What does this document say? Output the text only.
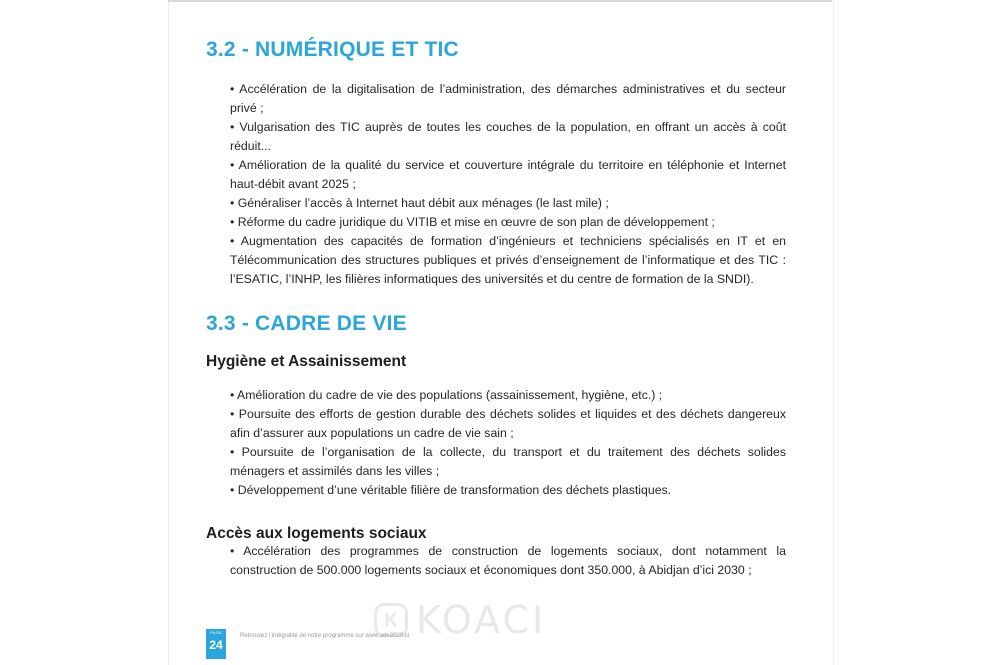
3.2 - NUMÉRIQUE ET TIC
• Accélération de la digitalisation de l’administration, des démarches administratives et du secteur privé ;
• Vulgarisation des TIC auprès de toutes les couches de la population, en offrant un accès à coût réduit...
• Amélioration de la qualité du service et couverture intégrale du territoire en téléphonie et Internet haut-débit avant 2025 ;
• Généraliser l’accès à Internet haut débit aux ménages (le last mile) ;
• Réforme du cadre juridique du VITIB et mise en œuvre de son plan de développement ;
• Augmentation des capacités de formation d’ingénieurs et techniciens spécialisés en IT et en Télécommunication des structures publiques et privés d’enseignement de l’informatique et des TIC : l’ESATIC, l’INHP, les filières informatiques des universités et du centre de formation de la SNDI).
3.3 - CADRE DE VIE
Hygiène et Assainissement
• Amélioration du cadre de vie des populations (assainissement, hygiène, etc.) ;
• Poursuite des efforts de gestion durable des déchets solides et liquides et des déchets dangereux afin d’assurer aux populations un cadre de vie sain ;
• Poursuite de l’organisation de la collecte, du transport et du traitement des déchets solides ménagers et assimilés dans les villes ;
• Développement d’une véritable filière de transformation des déchets plastiques.
Accès aux logements sociaux
• Accélération des programmes de construction de logements sociaux, dont notamment la construction de 500.000 logements sociaux et économiques dont 350.000, à Abidjan d’ici 2030 ;
K KOACI
PAGE
24
Retrouvez l’intégralité de notre programme sur www.ado2020.ci
